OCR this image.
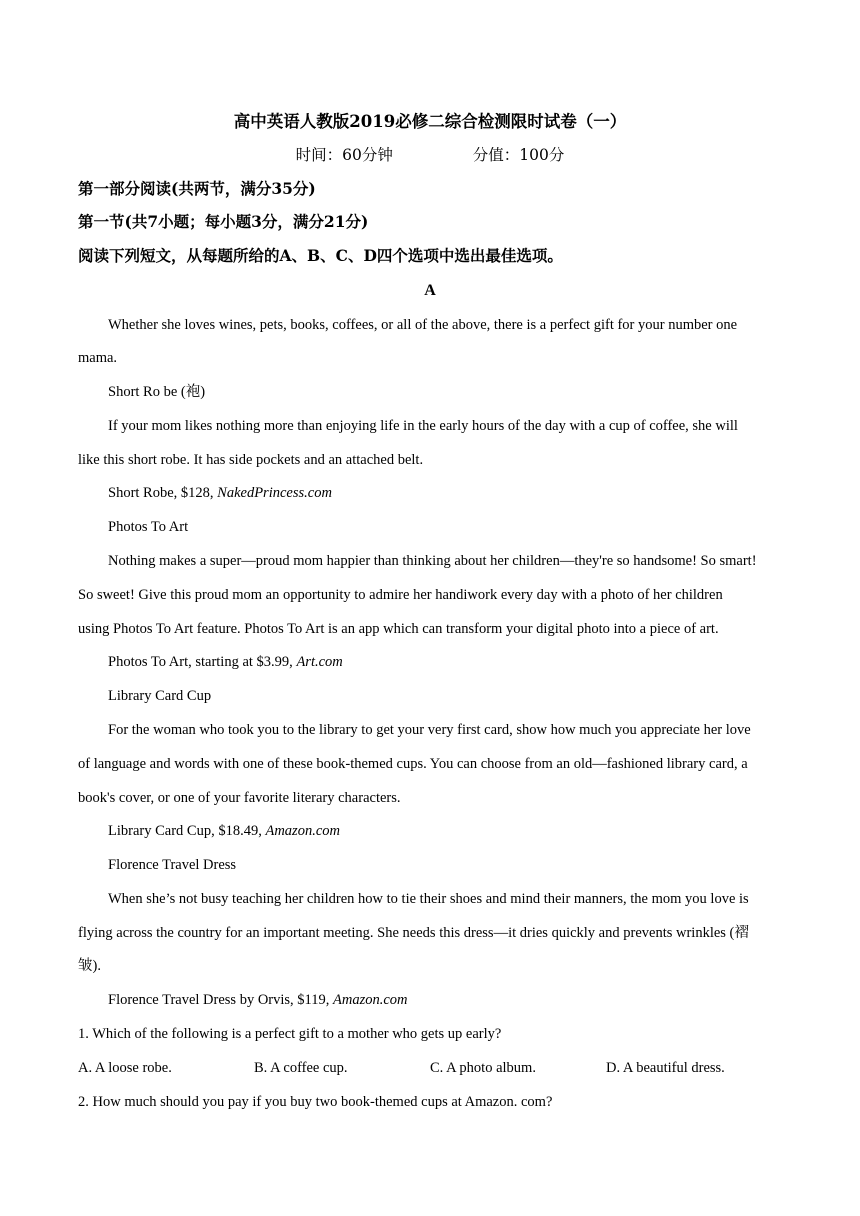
高中英语人教版2019必修二综合检测限时试卷（一）
时间：60分钟	分值：100分
第一部分阅读(共两节，满分35分)
第一节(共7小题；每小题3分，满分21分)
阅读下列短文，从每题所给的A、B、C、D四个选项中选出最佳选项。
A
Whether she loves wines, pets, books, coffees, or all of the above, there is a perfect gift for your number one
mama.
Short Ro be (袍)
If your mom likes nothing more than enjoying life in the early hours of the day with a cup of coffee, she will
like this short robe. It has side pockets and an attached belt.
Short Robe, $128, NakedPrincess.com
Photos To Art
Nothing makes a super—proud mom happier than thinking about her children—they're so handsome! So smart!
So sweet! Give this proud mom an opportunity to admire her handiwork every day with a photo of her children
using Photos To Art feature. Photos To Art is an app which can transform your digital photo into a piece of art.
Photos To Art, starting at $3.99, Art.com
Library Card Cup
For the woman who took you to the library to get your very first card, show how much you appreciate her love
of language and words with one of these book-themed cups. You can choose from an old—fashioned library card, a
book's cover, or one of your favorite literary characters.
Library Card Cup, $18.49, Amazon.com
Florence Travel Dress
When she’s not busy teaching her children how to tie their shoes and mind their manners, the mom you love is
flying across the country for an important meeting. She needs this dress—it dries quickly and prevents wrinkles (褶
皱).
Florence Travel Dress by Orvis, $119, Amazon.com
1. Which of the following is a perfect gift to a mother who gets up early?
A. A loose robe.	B. A coffee cup.	C. A photo album.	D. A beautiful dress.
2. How much should you pay if you buy two book-themed cups at Amazon. com?
